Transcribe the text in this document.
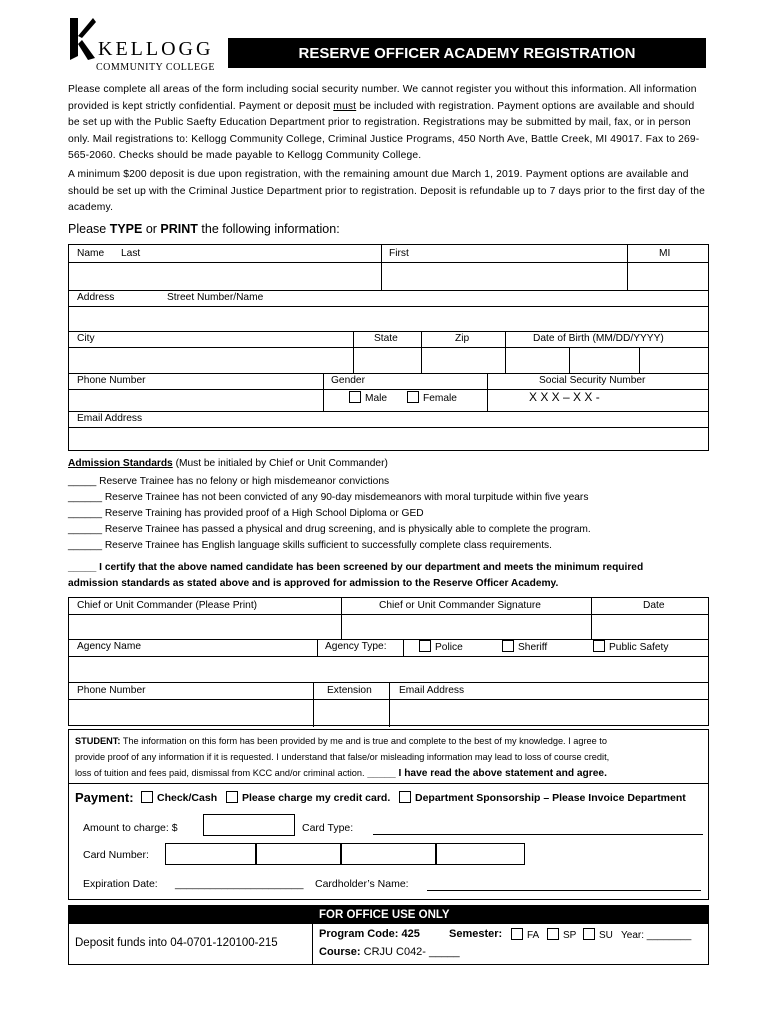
KELLOGG
COMMUNITY COLLEGE
RESERVE OFFICER ACADEMY REGISTRATION
Please complete all areas of the form including social security number. We cannot register you without this information. All information provided is kept strictly confidential. Payment or deposit must be included with registration. Payment options are available and should be set up with the Public Saefty Education Department prior to registration. Registrations may be submitted by mail, fax, or in person only. Mail registrations to: Kellogg Community College, Criminal Justice Programs, 450 North Ave, Battle Creek, MI 49017. Fax to 269-565-2060. Checks should be made payable to Kellogg Community College.
A minimum $200 deposit is due upon registration, with the remaining amount due March 1, 2019. Payment options are available and should be set up with the Criminal Justice Department prior to registration. Deposit is refundable up to 7 days prior to the first day of the academy.
Please TYPE or PRINT the following information:
Name Last	First	MI
Address	Street Number/Name
City	State	Zip	Date of Birth (MM/DD/YYYY)
Phone Number	Gender	Social Security Number
Male	Female	X X X – X X -
Email Address
Admission Standards (Must be initialed by Chief or Unit Commander)
_____ Reserve Trainee has no felony or high misdemeanor convictions
______ Reserve Trainee has not been convicted of any 90-day misdemeanors with moral turpitude within five years
______ Reserve Training has provided proof of a High School Diploma or GED
______ Reserve Trainee has passed a physical and drug screening, and is physically able to complete the program.
______ Reserve Trainee has English language skills sufficient to successfully complete class requirements.
_____ I certify that the above named candidate has been screened by our department and meets the minimum required
admission standards as stated above and is approved for admission to the Reserve Officer Academy.
Chief or Unit Commander (Please Print)	Chief or Unit Commander Signature	Date
Agency Name	Agency Type:	Police	Sheriff	Public Safety
Phone Number	Extension	Email Address
STUDENT: The information on this form has been provided by me and is true and complete to the best of my knowledge. I agree to
provide proof of any information if it is requested. I understand that false/or misleading information may lead to loss of course credit,
loss of tuition and fees paid, dismissal from KCC and/or criminal action. _____ I have read the above statement and agree.
Payment:	Check/Cash	Please charge my credit card.	Department Sponsorship – Please Invoice Department
Amount to charge: $	Card Type:
Card Number:
Expiration Date: ______________________ Cardholder’s Name:
FOR OFFICE USE ONLY
Deposit funds into 04-0701-120100-215
Program Code: 425	Semester:	FA	SP	SU Year: ________
Course: CRJU C042- _____
